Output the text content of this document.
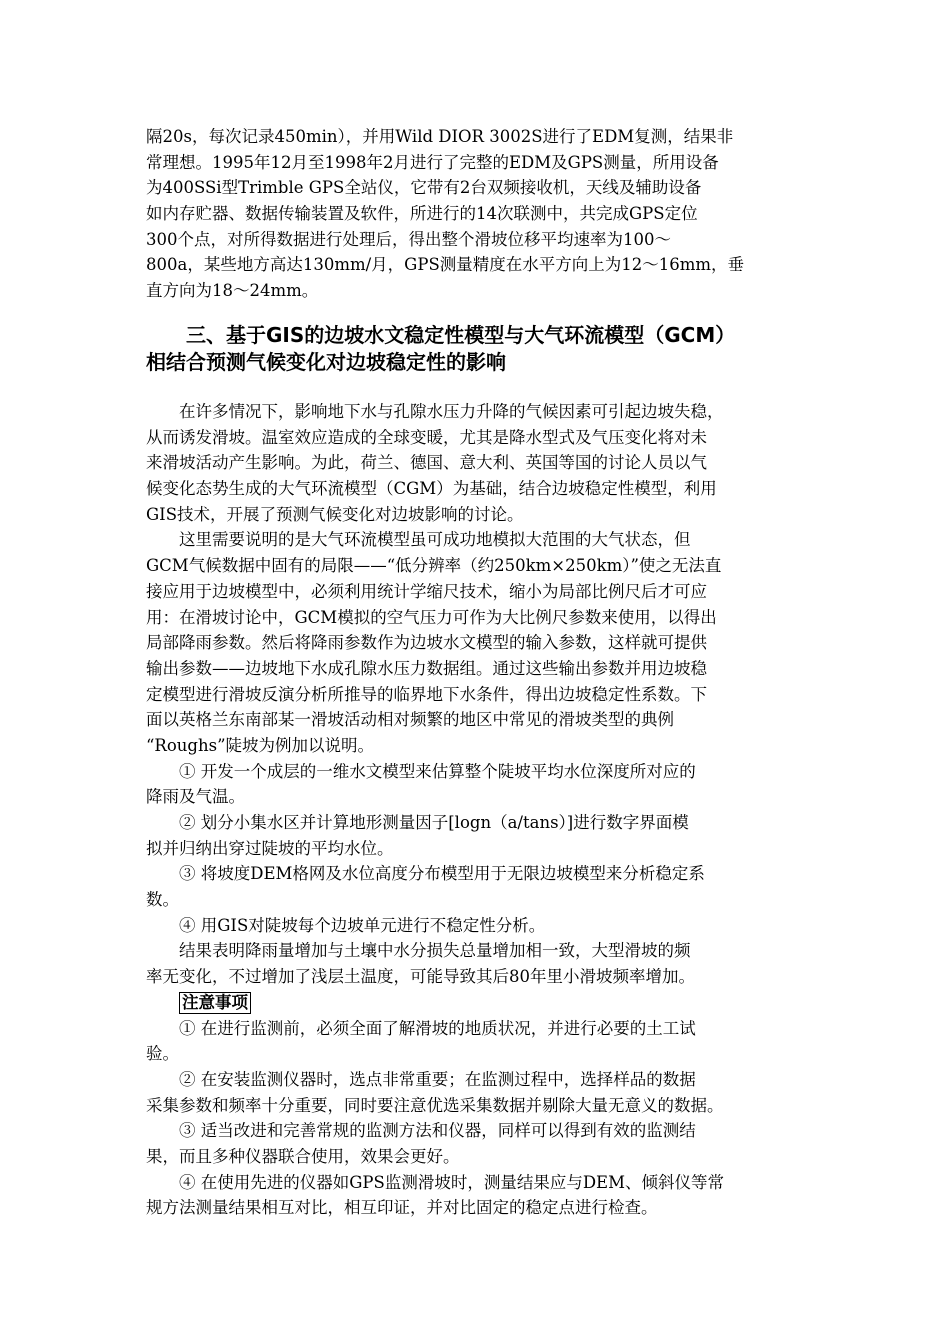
隔20s，每次记录450min），并用Wild DIOR 3002S进行了EDM复测，结果非
常理想。1995年12月至1998年2月进行了完整的EDM及GPS测量，所用设备
为400SSi型Trimble GPS全站仪，它带有2台双频接收机，天线及辅助设备
如内存贮器、数据传输装置及软件，所进行的14次联测中，共完成GPS定位
300个点，对所得数据进行处理后，得出整个滑坡位移平均速率为100～
800a，某些地方高达130mm/月，GPS测量精度在水平方向上为12～16mm，垂
直方向为18～24mm。
　　三、基于GIS的边坡水文稳定性模型与大气环流模型（GCM）
相结合预测气候变化对边坡稳定性的影响
　　在许多情况下，影响地下水与孔隙水压力升降的气候因素可引起边坡失稳，
从而诱发滑坡。温室效应造成的全球变暖，尤其是降水型式及气压变化将对未
来滑坡活动产生影响。为此，荷兰、德国、意大利、英国等国的讨论人员以气
候变化态势生成的大气环流模型（CGM）为基础，结合边坡稳定性模型，利用
GIS技术，开展了预测气候变化对边坡影响的讨论。
　　这里需要说明的是大气环流模型虽可成功地模拟大范围的大气状态，但
GCM气候数据中固有的局限——“低分辨率（约250km×250km）”使之无法直
接应用于边坡模型中，必须利用统计学缩尺技术，缩小为局部比例尺后才可应
用：在滑坡讨论中，GCM模拟的空气压力可作为大比例尺参数来使用，以得出
局部降雨参数。然后将降雨参数作为边坡水文模型的输入参数，这样就可提供
输出参数——边坡地下水成孔隙水压力数据组。通过这些输出参数并用边坡稳
定模型进行滑坡反演分析所推导的临界地下水条件，得出边坡稳定性系数。下
面以英格兰东南部某一滑坡活动相对频繁的地区中常见的滑坡类型的典例
“Roughs”陡坡为例加以说明。
　　① 开发一个成层的一维水文模型来估算整个陡坡平均水位深度所对应的
降雨及气温。
　　② 划分小集水区并计算地形测量因子[logn（a/tans）]进行数字界面模
拟并归纳出穿过陡坡的平均水位。
　　③ 将坡度DEM格网及水位高度分布模型用于无限边坡模型来分析稳定系
数。
　　④ 用GIS对陡坡每个边坡单元进行不稳定性分析。
　　结果表明降雨量增加与土壤中水分损失总量增加相一致，大型滑坡的频
率无变化，不过增加了浅层土温度，可能导致其后80年里小滑坡频率增加。
　　注意事项
　　① 在进行监测前，必须全面了解滑坡的地质状况，并进行必要的土工试
验。
　　② 在安装监测仪器时，选点非常重要；在监测过程中，选择样品的数据
采集参数和频率十分重要，同时要注意优选采集数据并剔除大量无意义的数据。
　　③ 适当改进和完善常规的监测方法和仪器，同样可以得到有效的监测结
果，而且多种仪器联合使用，效果会更好。
　　④ 在使用先进的仪器如GPS监测滑坡时，测量结果应与DEM、倾斜仪等常
规方法测量结果相互对比，相互印证，并对比固定的稳定点进行检查。
